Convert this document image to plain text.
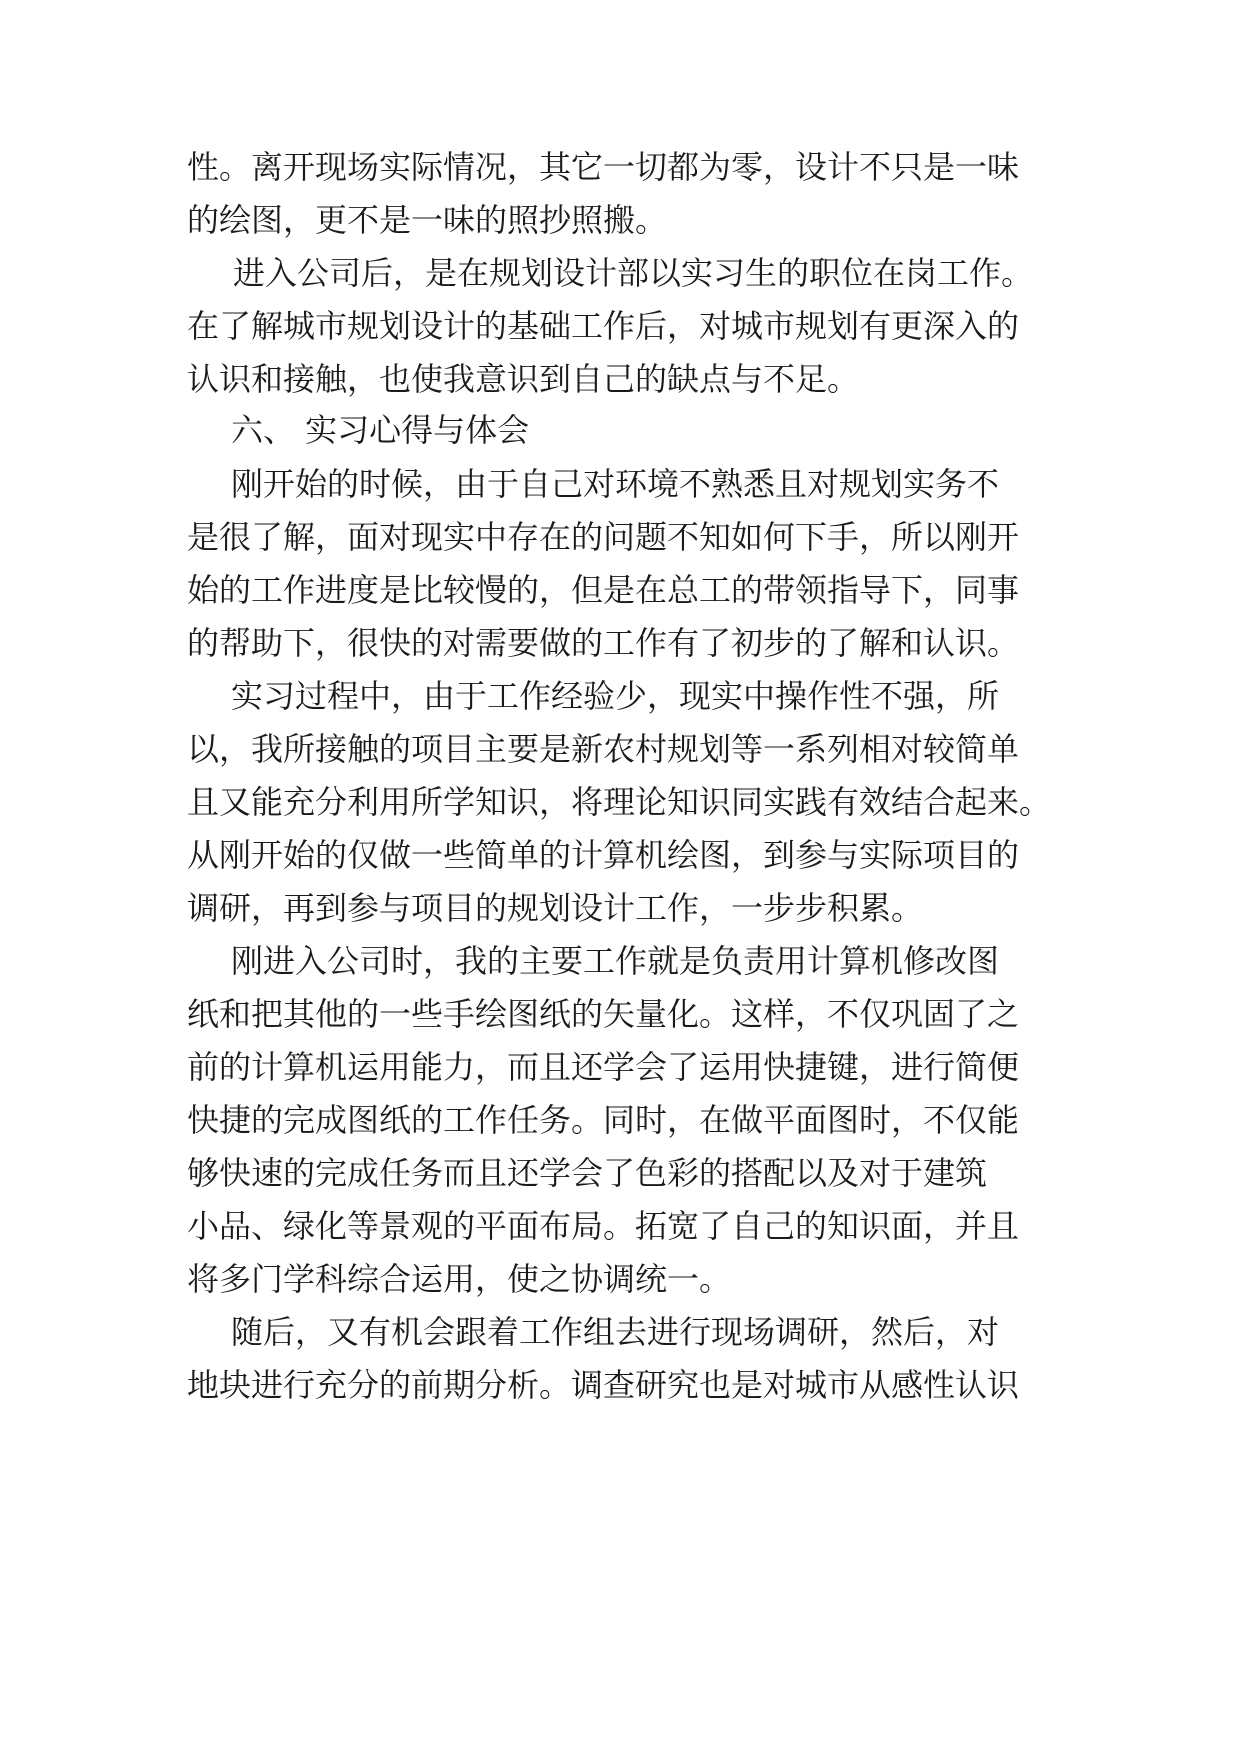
性。离开现场实际情况，其它一切都为零，设计不只是一味
的绘图，更不是一味的照抄照搬。
进入公司后，是在规划设计部以实习生的职位在岗工作。
在了解城市规划设计的基础工作后，对城市规划有更深入的
认识和接触，也使我意识到自己的缺点与不足。
六、 实习心得与体会
刚开始的时候，由于自己对环境不熟悉且对规划实务不
是很了解，面对现实中存在的问题不知如何下手，所以刚开
始的工作进度是比较慢的，但是在总工的带领指导下，同事
的帮助下，很快的对需要做的工作有了初步的了解和认识。
实习过程中，由于工作经验少，现实中操作性不强，所
以，我所接触的项目主要是新农村规划等一系列相对较简单
且又能充分利用所学知识，将理论知识同实践有效结合起来。
从刚开始的仅做一些简单的计算机绘图，到参与实际项目的
调研，再到参与项目的规划设计工作，一步步积累。
刚进入公司时，我的主要工作就是负责用计算机修改图
纸和把其他的一些手绘图纸的矢量化。这样，不仅巩固了之
前的计算机运用能力，而且还学会了运用快捷键，进行简便
快捷的完成图纸的工作任务。同时，在做平面图时，不仅能
够快速的完成任务而且还学会了色彩的搭配以及对于建筑
小品、绿化等景观的平面布局。拓宽了自己的知识面，并且
将多门学科综合运用，使之协调统一。
随后，又有机会跟着工作组去进行现场调研，然后，对
地块进行充分的前期分析。调查研究也是对城市从感性认识
